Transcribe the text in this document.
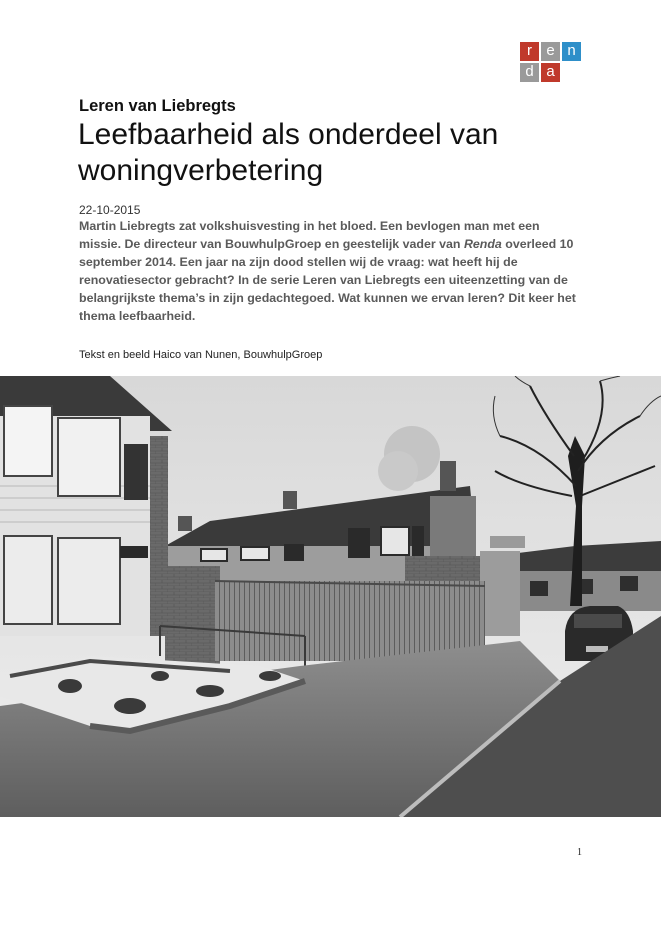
r e n
d a
Leren van Liebregts
Leefbaarheid als onderdeel van woningverbetering
22-10-2015

Martin Liebregts zat volkshuisvesting in het bloed. Een bevlogen man met een missie. De directeur van BouwhulpGroep en geestelijk vader van Renda overleed 10 september 2014. Een jaar na zijn dood stellen wij de vraag: wat heeft hij de renovatiesector gebracht? In de serie Leren van Liebregts een uiteenzetting van de belangrijkste thema’s in zijn gedachtegoed. Wat kunnen we ervan leren? Dit keer het thema leefbaarheid.

Tekst en beeld Haico van Nunen, BouwhulpGroep
1
